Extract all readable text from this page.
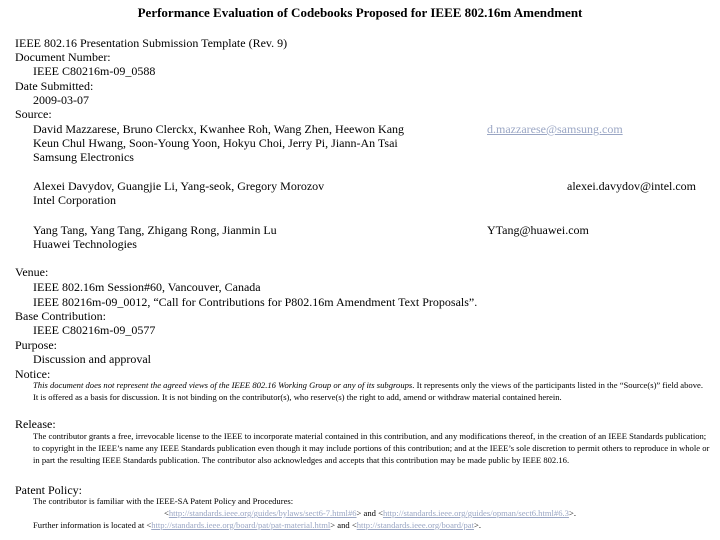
Performance Evaluation of Codebooks Proposed for IEEE 802.16m Amendment
IEEE 802.16 Presentation Submission Template (Rev. 9)
Document Number:
IEEE C80216m-09_0588
Date Submitted:
2009-03-07
Source:
David Mazzarese, Bruno Clerckx, Kwanhee Roh, Wang Zhen, Heewon Kang
Keun Chul Hwang, Soon-Young Yoon, Hokyu Choi, Jerry Pi, Jiann-An Tsai
Samsung Electronics
d.mazzarese@samsung.com
Alexei Davydov, Guangjie Li, Yang-seok, Gregory Morozov
Intel Corporation
alexei.davydov@intel.com
Yang Tang, Yang Tang, Zhigang Rong, Jianmin Lu
Huawei Technologies
YTang@huawei.com
Venue:
IEEE 802.16m Session#60, Vancouver, Canada
IEEE 80216m-09_0012, “Call for Contributions for P802.16m Amendment Text Proposals”.
Base Contribution:
IEEE C80216m-09_0577
Purpose:
Discussion and approval
Notice:
This document does not represent the agreed views of the IEEE 802.16 Working Group or any of its subgroups. It represents only the views of the participants listed in the “Source(s)” field above. It is offered as a basis for discussion. It is not binding on the contributor(s), who reserve(s) the right to add, amend or withdraw material contained herein.
Release:
The contributor grants a free, irrevocable license to the IEEE to incorporate material contained in this contribution, and any modifications thereof, in the creation of an IEEE Standards publication; to copyright in the IEEE’s name any IEEE Standards publication even though it may include portions of this contribution; and at the IEEE’s sole discretion to permit others to reproduce in whole or in part the resulting IEEE Standards publication. The contributor also acknowledges and accepts that this contribution may be made public by IEEE 802.16.
Patent Policy:
The contributor is familiar with the IEEE-SA Patent Policy and Procedures:
<http://standards.ieee.org/guides/bylaws/sect6-7.html#6> and <http://standards.ieee.org/guides/opman/sect6.html#6.3>.
Further information is located at <http://standards.ieee.org/board/pat/pat-material.html> and <http://standards.ieee.org/board/pat>.
